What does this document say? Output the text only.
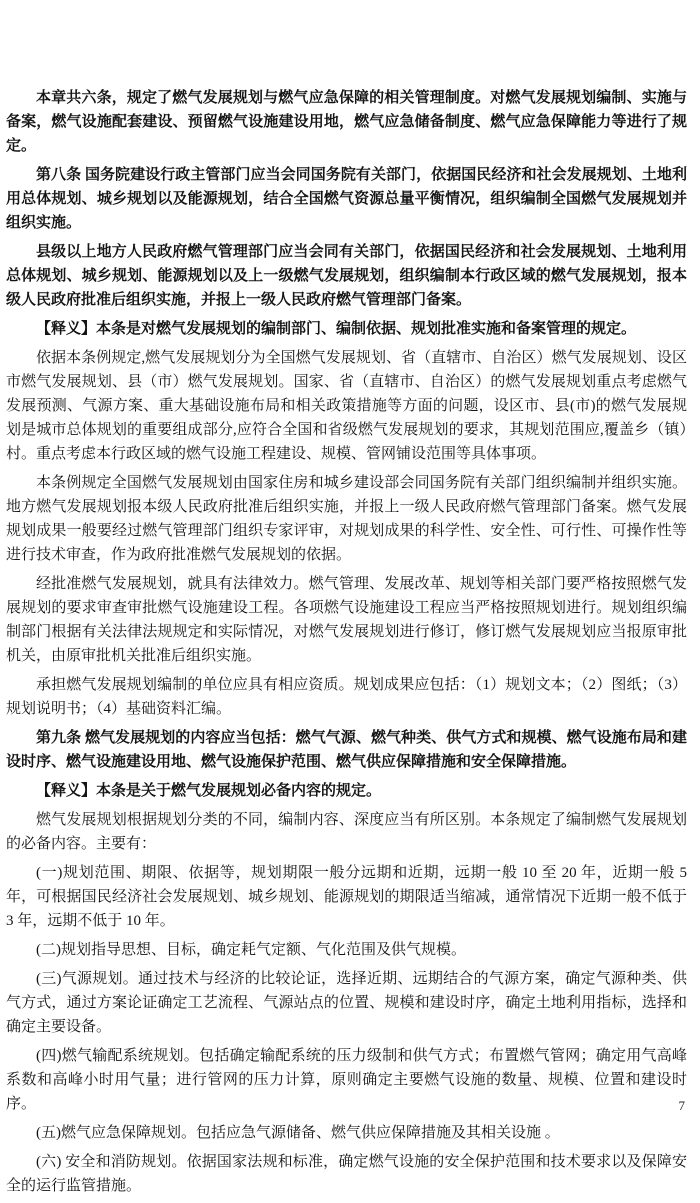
本章共六条，规定了燃气发展规划与燃气应急保障的相关管理制度。对燃气发展规划编制、实施与备案，燃气设施配套建设、预留燃气设施建设用地，燃气应急储备制度、燃气应急保障能力等进行了规定。

第八条 国务院建设行政主管部门应当会同国务院有关部门，依据国民经济和社会发展规划、土地利用总体规划、城乡规划以及能源规划，结合全国燃气资源总量平衡情况，组织编制全国燃气发展规划并组织实施。

县级以上地方人民政府燃气管理部门应当会同有关部门，依据国民经济和社会发展规划、土地利用总体规划、城乡规划、能源规划以及上一级燃气发展规划，组织编制本行政区域的燃气发展规划，报本级人民政府批准后组织实施，并报上一级人民政府燃气管理部门备案。

【释义】本条是对燃气发展规划的编制部门、编制依据、规划批准实施和备案管理的规定。

依据本条例规定,燃气发展规划分为全国燃气发展规划、省（直辖市、自治区）燃气发展规划、设区市燃气发展规划、县（市）燃气发展规划。国家、省（直辖市、自治区）的燃气发展规划重点考虑燃气发展预测、气源方案、重大基础设施布局和相关政策措施等方面的问题，设区市、县(市)的燃气发展规划是城市总体规划的重要组成部分,应符合全国和省级燃气发展规划的要求，其规划范围应,覆盖乡（镇）村。重点考虑本行政区域的燃气设施工程建设、规模、管网铺设范围等具体事项。

本条例规定全国燃气发展规划由国家住房和城乡建设部会同国务院有关部门组织编制并组织实施。地方燃气发展规划报本级人民政府批准后组织实施，并报上一级人民政府燃气管理部门备案。燃气发展规划成果一般要经过燃气管理部门组织专家评审，对规划成果的科学性、安全性、可行性、可操作性等进行技术审查，作为政府批准燃气发展规划的依据。

经批准燃气发展规划，就具有法律效力。燃气管理、发展改革、规划等相关部门要严格按照燃气发展规划的要求审查审批燃气设施建设工程。各项燃气设施建设工程应当严格按照规划进行。规划组织编制部门根据有关法律法规规定和实际情况，对燃气发展规划进行修订，修订燃气发展规划应当报原审批机关，由原审批机关批准后组织实施。

承担燃气发展规划编制的单位应具有相应资质。规划成果应包括：（1）规划文本；（2）图纸；（3）规划说明书；（4）基础资料汇编。

第九条 燃气发展规划的内容应当包括：燃气气源、燃气种类、供气方式和规模、燃气设施布局和建设时序、燃气设施建设用地、燃气设施保护范围、燃气供应保障措施和安全保障措施。

【释义】本条是关于燃气发展规划必备内容的规定。

燃气发展规划根据规划分类的不同，编制内容、深度应当有所区别。本条规定了编制燃气发展规划的必备内容。主要有：

(一)规划范围、期限、依据等，规划期限一般分远期和近期，远期一般 10 至 20 年，近期一般 5 年，可根据国民经济社会发展规划、城乡规划、能源规划的期限适当缩减，通常情况下近期一般不低于 3 年，远期不低于 10 年。

(二)规划指导思想、目标，确定耗气定额、气化范围及供气规模。

(三)气源规划。通过技术与经济的比较论证，选择近期、远期结合的气源方案，确定气源种类、供气方式，通过方案论证确定工艺流程、气源站点的位置、规模和建设时序，确定土地利用指标，选择和确定主要设备。

(四)燃气输配系统规划。包括确定输配系统的压力级制和供气方式；布置燃气管网；确定用气高峰系数和高峰小时用气量；进行管网的压力计算，原则确定主要燃气设施的数量、规模、位置和建设时序。

(五)燃气应急保障规划。包括应急气源储备、燃气供应保障措施及其相关设施 。

(六) 安全和消防规划。依据国家法规和标准，确定燃气设施的安全保护范围和技术要求以及保障安全的运行监管措施。

7
